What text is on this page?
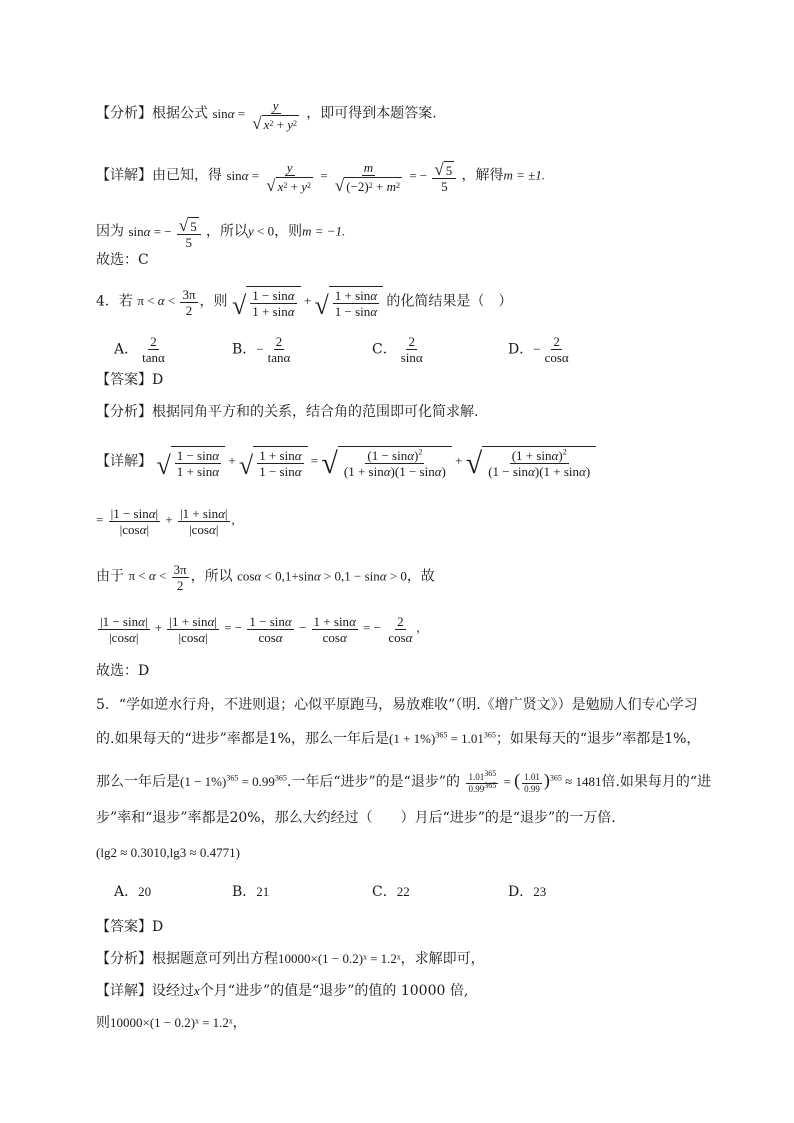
【分析】根据公式 $\sin\alpha = \frac{y}{√ x 2 + y 2}$ ，即可得到本题答案.
【详解】由已知，得 $\sin\alpha = \frac{y}{√ x 2 + y 2} = \frac{m}{√ (-2) 2 + m 2}$ = − $\frac{√ 5}{5}$ ，解得m = ±1.
因为 sinα = − $\frac{√ 5}{5}$ ，所以y < 0，则m = −1.
故选：C
4．若 $\pi < \alpha < \frac{3\pi}{2}$ ，则 √ $\frac{1 - \sin\alpha}{1 + \sin\alpha}$ + √ $\frac{1 + \sin\alpha}{1 - \sin\alpha}$ 的化简结果是（　）
A． $\frac{2}{\tan\alpha}$	B．− $\frac{2}{\tan\alpha}$	C． $\frac{2}{\sin\alpha}$	D．− $\frac{2}{\cos\alpha}$
【答案】D
【分析】根据同角平方和的关系，结合角的范围即可化简求解.
【详解】 √ $\frac{1 - \sin\alpha}{1 + \sin\alpha}$ + √ $\frac{1 + \sin\alpha}{1 - \sin\alpha}$ = √ $\frac{(1 - \sin\alpha)^2}{(1 + \sin\alpha)(1 - \sin\alpha)}$ + √ $\frac{(1 + \sin\alpha)^2}{(1 - \sin\alpha)(1 + \sin\alpha)}$
= $\frac{|1 - \sin\alpha|}{|\cos\alpha|} + \frac{|1 + \sin\alpha|}{|\cos\alpha|}$ ,
由于 $\pi < \alpha < \frac{3\pi}{2}$ ，所以 cosα < 0,1+sinα > 0,1 − sinα > 0，故
$\frac{|1 - \sin\alpha|}{|\cos\alpha|} + \frac{|1 + \sin\alpha|}{|\cos\alpha|}$ = − $\frac{1 - \sin\alpha}{\cos\alpha} - \frac{1 + \sin\alpha}{\cos\alpha}$ = − $\frac{2}{\cos\alpha}$ ,
故选：D
5．“学如逆水行舟，不进则退；心似平原跑马，易放难收”（明.《增广贤文》）是勉励人们专心学习
的.如果每天的“进步”率都是1%，那么一年后是$(1 + 1\%)^{365} = 1.01^{365}$；如果每天的“退步”率都是1%，
那么一年后是$(1 - 1\%)^{365} = 0.99^{365}$.一年后“进步”的是“退步”的 $\frac{1.01^{365}}{0.99^{365}}$ = ( $\frac{1.01}{0.99} )^{365} \approx 1481$倍.如果每月的“进
步”率和“退步”率都是20%，那么大约经过（　　）月后“进步”的是“退步”的一万倍.
(lg2 ≈ 0.3010,lg3 ≈ 0.4771)
A．20	B．21	C．22	D．23
【答案】D
【分析】根据题意可列出方程10000×(1 − 0.2)ˣ = 1.2ˣ，求解即可，
【详解】设经过x个月“进步”的值是“退步”的值的 10000 倍,
则10000×(1 − 0.2)ˣ = 1.2ˣ，
